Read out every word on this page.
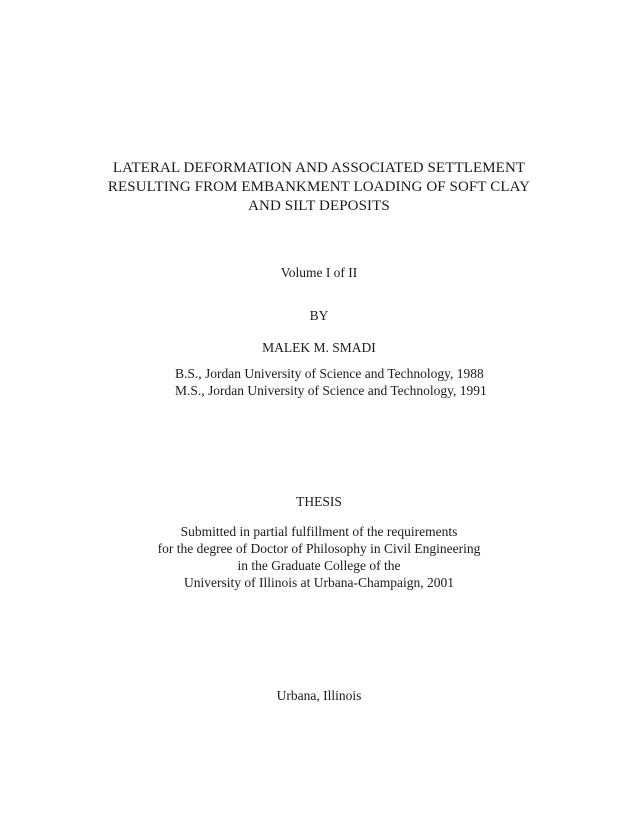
LATERAL DEFORMATION AND ASSOCIATED SETTLEMENT
RESULTING FROM EMBANKMENT LOADING OF SOFT CLAY
AND SILT DEPOSITS
Volume I of II
BY
MALEK M. SMADI
B.S., Jordan University of Science and Technology, 1988
M.S., Jordan University of Science and Technology, 1991
THESIS
Submitted in partial fulfillment of the requirements
for the degree of Doctor of Philosophy in Civil Engineering
in the Graduate College of the
University of Illinois at Urbana-Champaign, 2001
Urbana, Illinois
